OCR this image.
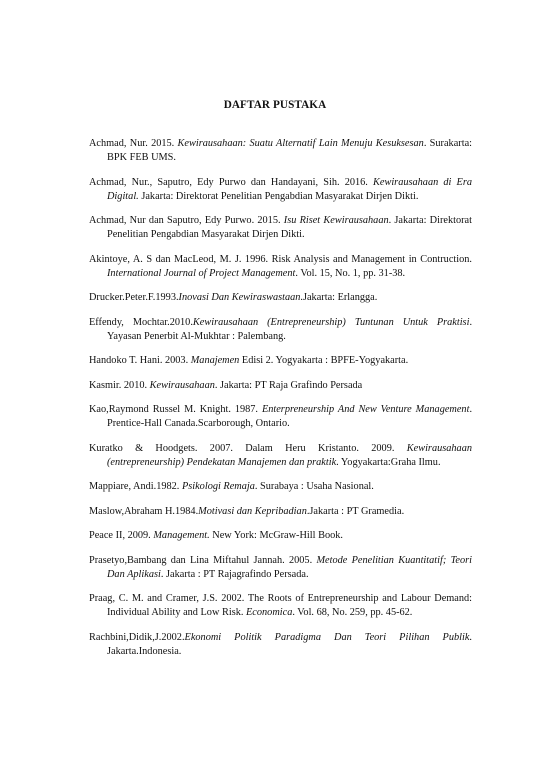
DAFTAR PUSTAKA

Achmad, Nur. 2015. Kewirausahaan: Suatu Alternatif Lain Menuju Kesuksesan. Surakarta: BPK FEB UMS.

Achmad, Nur., Saputro, Edy Purwo dan Handayani, Sih. 2016. Kewirausahaan di Era Digital. Jakarta: Direktorat Penelitian Pengabdian Masyarakat Dirjen Dikti.

Achmad, Nur dan Saputro, Edy Purwo. 2015. Isu Riset Kewirausahaan. Jakarta: Direktorat Penelitian Pengabdian Masyarakat Dirjen Dikti.

Akintoye, A. S dan MacLeod, M. J. 1996. Risk Analysis and Management in Contruction. International Journal of Project Management. Vol. 15, No. 1, pp. 31-38.

Drucker.Peter.F.1993.Inovasi Dan Kewiraswastaan.Jakarta: Erlangga.

Effendy, Mochtar.2010.Kewirausahaan (Entrepreneurship) Tuntunan Untuk Praktisi. Yayasan Penerbit Al-Mukhtar : Palembang.

Handoko T. Hani. 2003. Manajemen Edisi 2. Yogyakarta : BPFE-Yogyakarta.

Kasmir. 2010. Kewirausahaan. Jakarta: PT Raja Grafindo Persada

Kao,Raymond Russel M. Knight. 1987. Enterpreneurship And New Venture Management. Prentice-Hall Canada.Scarborough, Ontario.

Kuratko & Hoodgets. 2007. Dalam Heru Kristanto. 2009. Kewirausahaan (entrepreneurship) Pendekatan Manajemen dan praktik. Yogyakarta:Graha Ilmu.

Mappiare, Andi.1982. Psikologi Remaja. Surabaya : Usaha Nasional.

Maslow,Abraham H.1984.Motivasi dan Kepribadian.Jakarta : PT Gramedia.

Peace II, 2009. Management. New York: McGraw-Hill Book.

Prasetyo,Bambang dan Lina Miftahul Jannah. 2005. Metode Penelitian Kuantitatif; Teori Dan Aplikasi. Jakarta : PT Rajagrafindo Persada.

Praag, C. M. and Cramer, J.S. 2002. The Roots of Entrepreneurship and Labour Demand: Individual Ability and Low Risk. Economica. Vol. 68, No. 259, pp. 45-62.

Rachbini,Didik,J.2002.Ekonomi Politik Paradigma Dan Teori Pilihan Publik. Jakarta.Indonesia.
